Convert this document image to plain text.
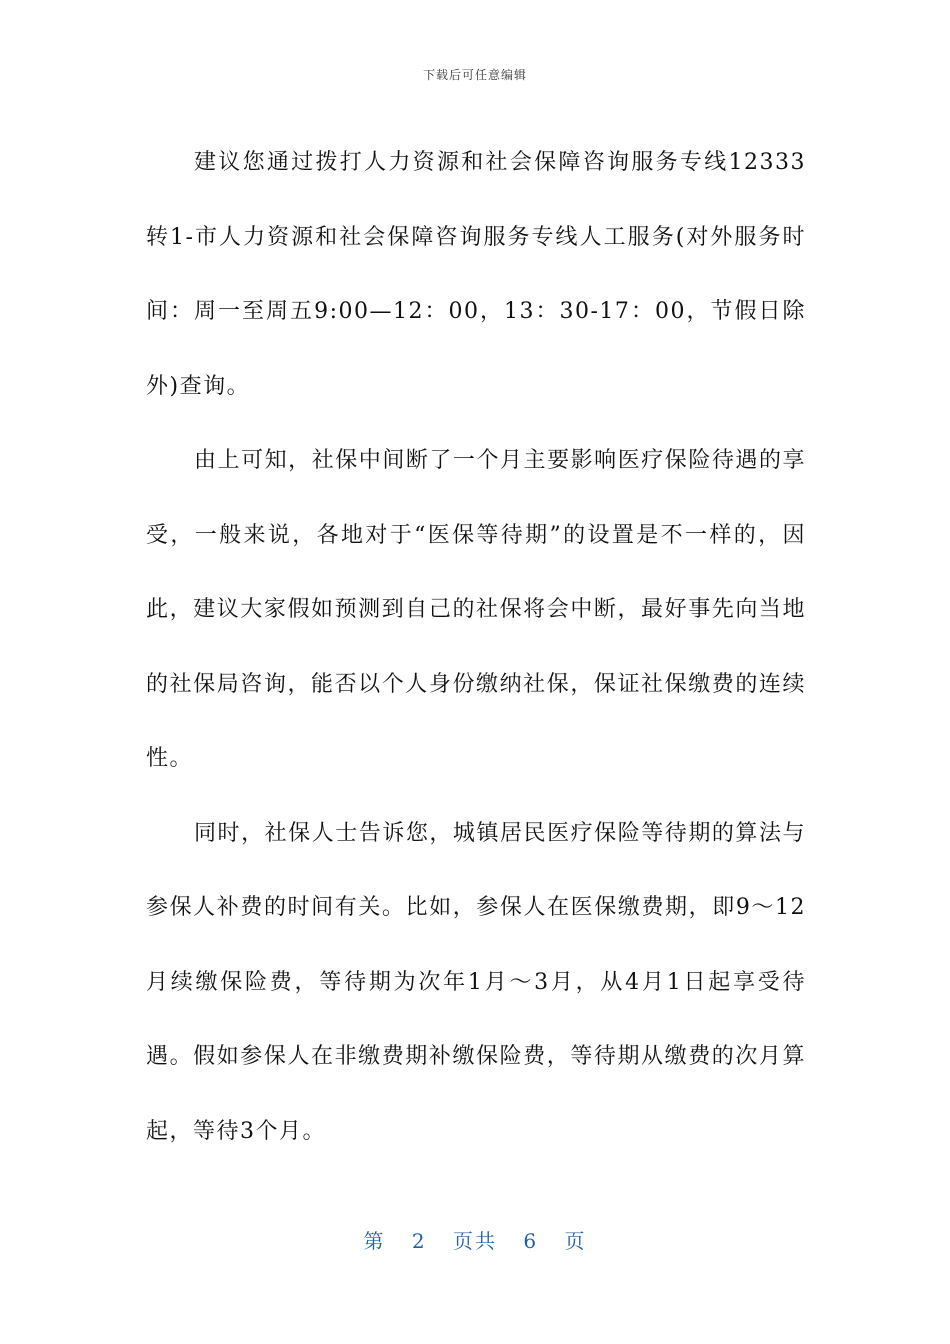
下载后可任意编辑

建议您通过拨打人力资源和社会保障咨询服务专线12333转1-市人力资源和社会保障咨询服务专线人工服务(对外服务时间：周一至周五9:00—12：00，13：30-17：00，节假日除外)查询。

由上可知，社保中间断了一个月主要影响医疗保险待遇的享受，一般来说，各地对于“医保等待期”的设置是不一样的，因此，建议大家假如预测到自己的社保将会中断，最好事先向当地的社保局咨询，能否以个人身份缴纳社保，保证社保缴费的连续性。

同时，社保人士告诉您，城镇居民医疗保险等待期的算法与参保人补费的时间有关。比如，参保人在医保缴费期，即9～12月续缴保险费，等待期为次年1月～3月，从4月1日起享受待遇。假如参保人在非缴费期补缴保险费，等待期从缴费的次月算起，等待3个月。

第 2 页共 6 页
